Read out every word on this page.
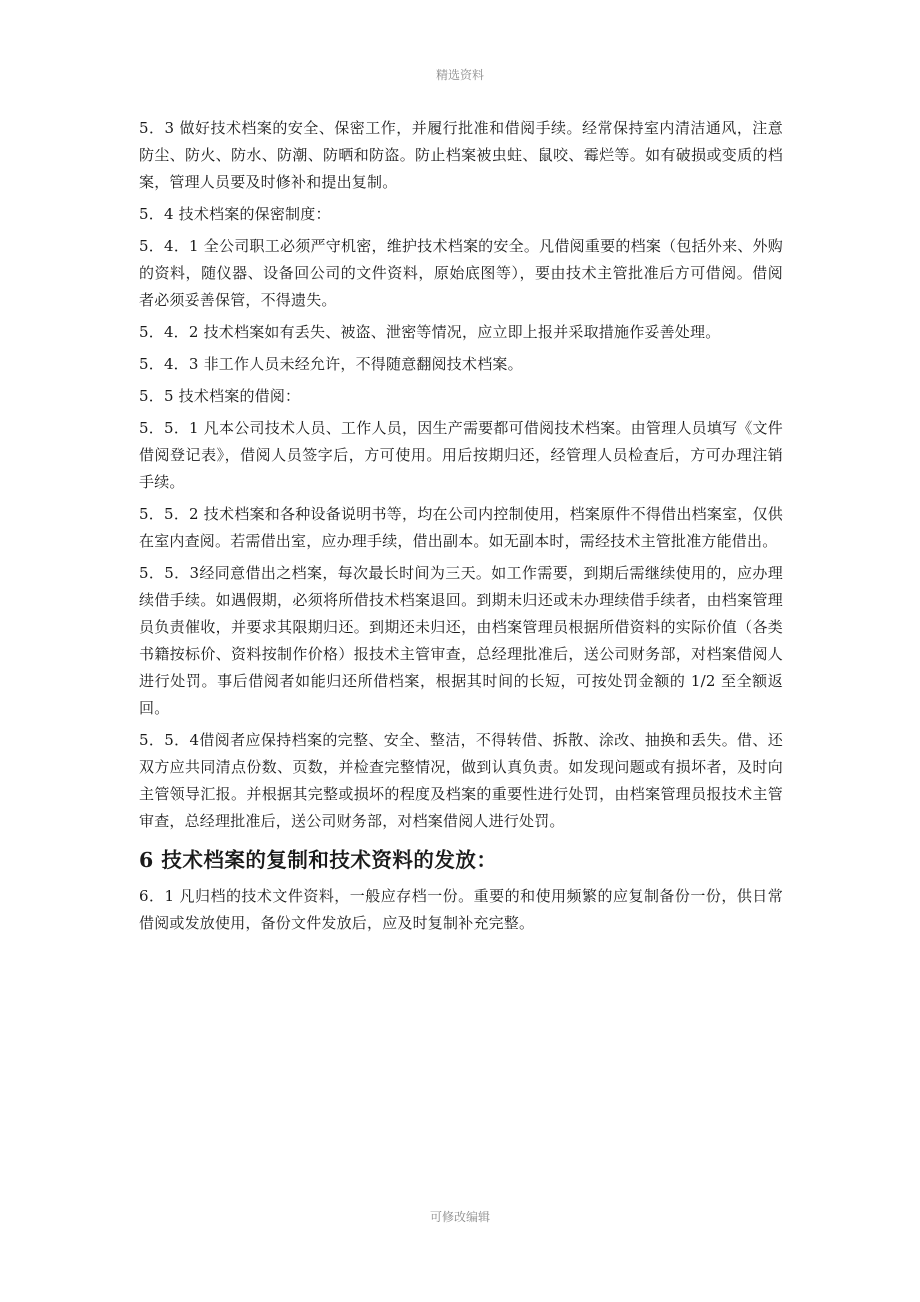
精选资料

5．3 做好技术档案的安全、保密工作，并履行批准和借阅手续。经常保持室内清洁通风，注意防尘、防火、防水、防潮、防晒和防盗。防止档案被虫蛀、鼠咬、霉烂等。如有破损或变质的档案，管理人员要及时修补和提出复制。

5．4 技术档案的保密制度：

5．4．1 全公司职工必须严守机密，维护技术档案的安全。凡借阅重要的档案（包括外来、外购的资料，随仪器、设备回公司的文件资料，原始底图等），要由技术主管批准后方可借阅。借阅者必须妥善保管，不得遗失。

5．4．2 技术档案如有丢失、被盗、泄密等情况，应立即上报并采取措施作妥善处理。

5．4．3 非工作人员未经允许，不得随意翻阅技术档案。

5．5 技术档案的借阅：

5．5．1 凡本公司技术人员、工作人员，因生产需要都可借阅技术档案。由管理人员填写《文件借阅登记表》，借阅人员签字后，方可使用。用后按期归还，经管理人员检查后，方可办理注销手续。

5．5．2 技术档案和各种设备说明书等，均在公司内控制使用，档案原件不得借出档案室，仅供在室内查阅。若需借出室，应办理手续，借出副本。如无副本时，需经技术主管批准方能借出。

5．5．3经同意借出之档案，每次最长时间为三天。如工作需要，到期后需继续使用的，应办理续借手续。如遇假期，必须将所借技术档案退回。到期未归还或未办理续借手续者，由档案管理员负责催收，并要求其限期归还。到期还未归还，由档案管理员根据所借资料的实际价值（各类书籍按标价、资料按制作价格）报技术主管审查，总经理批准后，送公司财务部，对档案借阅人进行处罚。事后借阅者如能归还所借档案，根据其时间的长短，可按处罚金额的 1/2 至全额返回。

5．5．4借阅者应保持档案的完整、安全、整洁，不得转借、拆散、涂改、抽换和丢失。借、还双方应共同清点份数、页数，并检查完整情况，做到认真负责。如发现问题或有损坏者，及时向主管领导汇报。并根据其完整或损坏的程度及档案的重要性进行处罚，由档案管理员报技术主管审查，总经理批准后，送公司财务部，对档案借阅人进行处罚。

6 技术档案的复制和技术资料的发放：

6．1 凡归档的技术文件资料，一般应存档一份。重要的和使用频繁的应复制备份一份，供日常借阅或发放使用，备份文件发放后，应及时复制补充完整。

可修改编辑
